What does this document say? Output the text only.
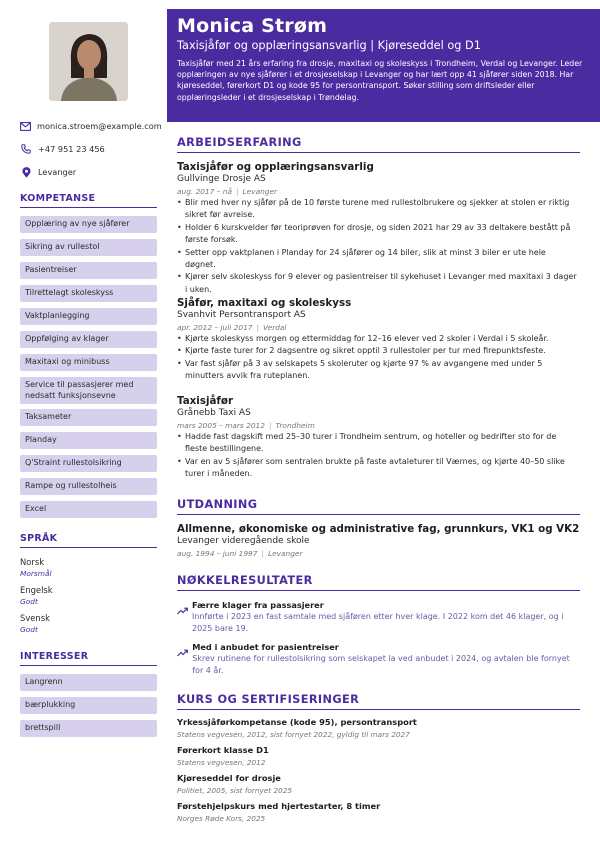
monica.stroem@example.com
+47 951 23 456
Levanger
KOMPETANSE
Opplæring av nye sjåfører
Sikring av rullestol
Pasientreiser
Tilrettelagt skoleskyss
Vaktplanlegging
Oppfølging av klager
Maxitaxi og minibuss
Service til passasjerer med nedsatt funksjonsevne
Taksameter
Planday
Q'Straint rullestolsikring
Rampe og rullestolheis
Excel
SPRÅK
Norsk
Morsmål
Engelsk
Godt
Svensk
Godt
INTERESSER
Langrenn
bærplukking
brettspill
Monica Strøm
Taxisjåfør og opplæringsansvarlig | Kjøreseddel og D1
Taxisjåfør med 21 års erfaring fra drosje, maxitaxi og skoleskyss i Trondheim, Verdal og Levanger. Leder opplæringen av nye sjåfører i et drosjeselskap i Levanger og har lært opp 41 sjåfører siden 2018. Har kjøreseddel, førerkort D1 og kode 95 for persontransport. Søker stilling som driftsleder eller opplæringsleder i et drosjeselskap i Trøndelag.
ARBEIDSERFARING
Taxisjåfør og opplæringsansvarlig
Gullvinge Drosje AS
aug. 2017 – nå | Levanger
• Blir med hver ny sjåfør på de 10 første turene med rullestolbrukere og sjekker at stolen er riktig sikret før avreise.
• Holder 6 kurskvelder før teoriprøven for drosje, og siden 2021 har 29 av 33 deltakere bestått på første forsøk.
• Setter opp vaktplanen i Planday for 24 sjåfører og 14 biler, slik at minst 3 biler er ute hele døgnet.
• Kjører selv skoleskyss for 9 elever og pasientreiser til sykehuset i Levanger med maxitaxi 3 dager i uken.
Sjåfør, maxitaxi og skoleskyss
Svanhvit Persontransport AS
apr. 2012 – juli 2017 | Verdal
• Kjørte skoleskyss morgen og ettermiddag for 12–16 elever ved 2 skoler i Verdal i 5 skoleår.
• Kjørte faste turer for 2 dagsentre og sikret opptil 3 rullestoler per tur med firepunktsfeste.
• Var fast sjåfør på 3 av selskapets 5 skoleruter og kjørte 97 % av avgangene med under 5 minutters avvik fra ruteplanen.
Taxisjåfør
Grånebb Taxi AS
mars 2005 – mars 2012 | Trondheim
• Hadde fast dagskift med 25–30 turer i Trondheim sentrum, og hoteller og bedrifter sto for de fleste bestillingene.
• Var en av 5 sjåfører som sentralen brukte på faste avtaleturer til Værnes, og kjørte 40–50 slike turer i måneden.
UTDANNING
Allmenne, økonomiske og administrative fag, grunnkurs, VK1 og VK2
Levanger videregående skole
aug. 1994 – juni 1997 | Levanger
NØKKELRESULTATER
Færre klager fra passasjerer
Innførte i 2023 en fast samtale med sjåføren etter hver klage. I 2022 kom det 46 klager, og i 2025 bare 19.
Med i anbudet for pasientreiser
Skrev rutinene for rullestolsikring som selskapet la ved anbudet i 2024, og avtalen ble fornyet for 4 år.
KURS OG SERTIFISERINGER
Yrkessjåførkompetanse (kode 95), persontransport
Statens vegvesen, 2012, sist fornyet 2022, gyldig til mars 2027
Førerkort klasse D1
Statens vegvesen, 2012
Kjøreseddel for drosje
Politiet, 2005, sist fornyet 2025
Førstehjelpskurs med hjertestarter, 8 timer
Norges Røde Kors, 2025
